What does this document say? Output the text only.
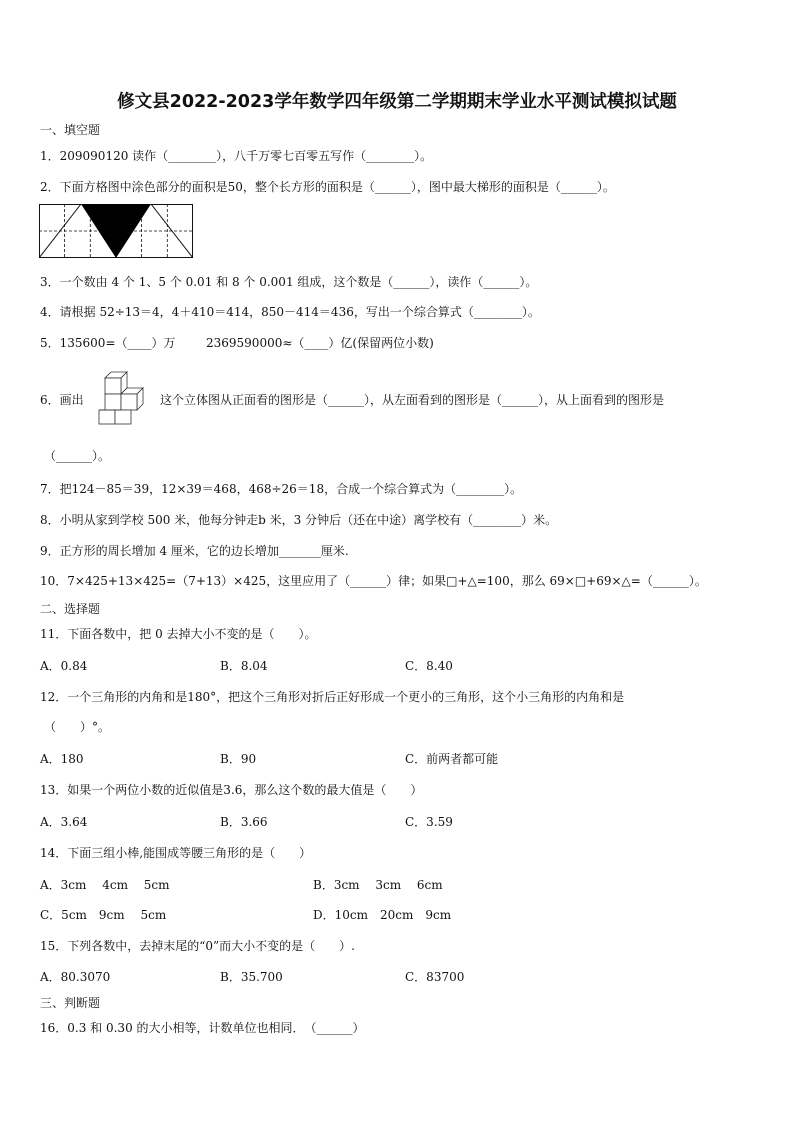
修文县2022-2023学年数学四年级第二学期期末学业水平测试模拟试题
一、填空题
1．209090120 读作（________），八千万零七百零五写作（________）。
2．下面方格图中涂色部分的面积是50，整个长方形的面积是（______），图中最大梯形的面积是（______）。
3．一个数由 4 个 1、5 个 0.01 和 8 个 0.001 组成，这个数是（______），读作（______）。
4．请根据 52÷13＝4，4＋410＝414，850－414＝436，写出一个综合算式（________）。
5．135600=（____）万	2369590000≈（____）亿(保留两位小数)
6．画出	这个立体图从正面看的图形是（______），从左面看到的图形是（______），从上面看到的图形是
（______）。
7．把124－85＝39，12×39＝468，468÷26＝18，合成一个综合算式为（________）。
8．小明从家到学校 500 米，他每分钟走b 米，3 分钟后（还在中途）离学校有（________）米。
9．正方形的周长增加 4 厘米，它的边长增加_______厘米.
10．7×425+13×425=（7+13）×425，这里应用了（______）律；如果□+△=100，那么 69×□+69×△=（______）。
二、选择题
11．下面各数中，把 0 去掉大小不变的是（　　）。
A．0.84	B．8.04	C．8.40
12．一个三角形的内角和是180°，把这个三角形对折后正好形成一个更小的三角形，这个小三角形的内角和是
（　　）°。
A．180	B．90	C．前两者都可能
13．如果一个两位小数的近似值是3.6，那么这个数的最大值是（　　）
A．3.64	B．3.66	C．3.59
14．下面三组小棒,能围成等腰三角形的是（　　）
A．3cm　 4cm　 5cm	B．3cm　 3cm　 6cm
C．5cm　9cm　 5cm	D．10cm　20cm　9cm
15．下列各数中，去掉末尾的“0”而大小不变的是（　　）.
A．80.3070	B．35.700	C．83700
三、判断题
16．0.3 和 0.30 的大小相等，计数单位也相同．　（______）
